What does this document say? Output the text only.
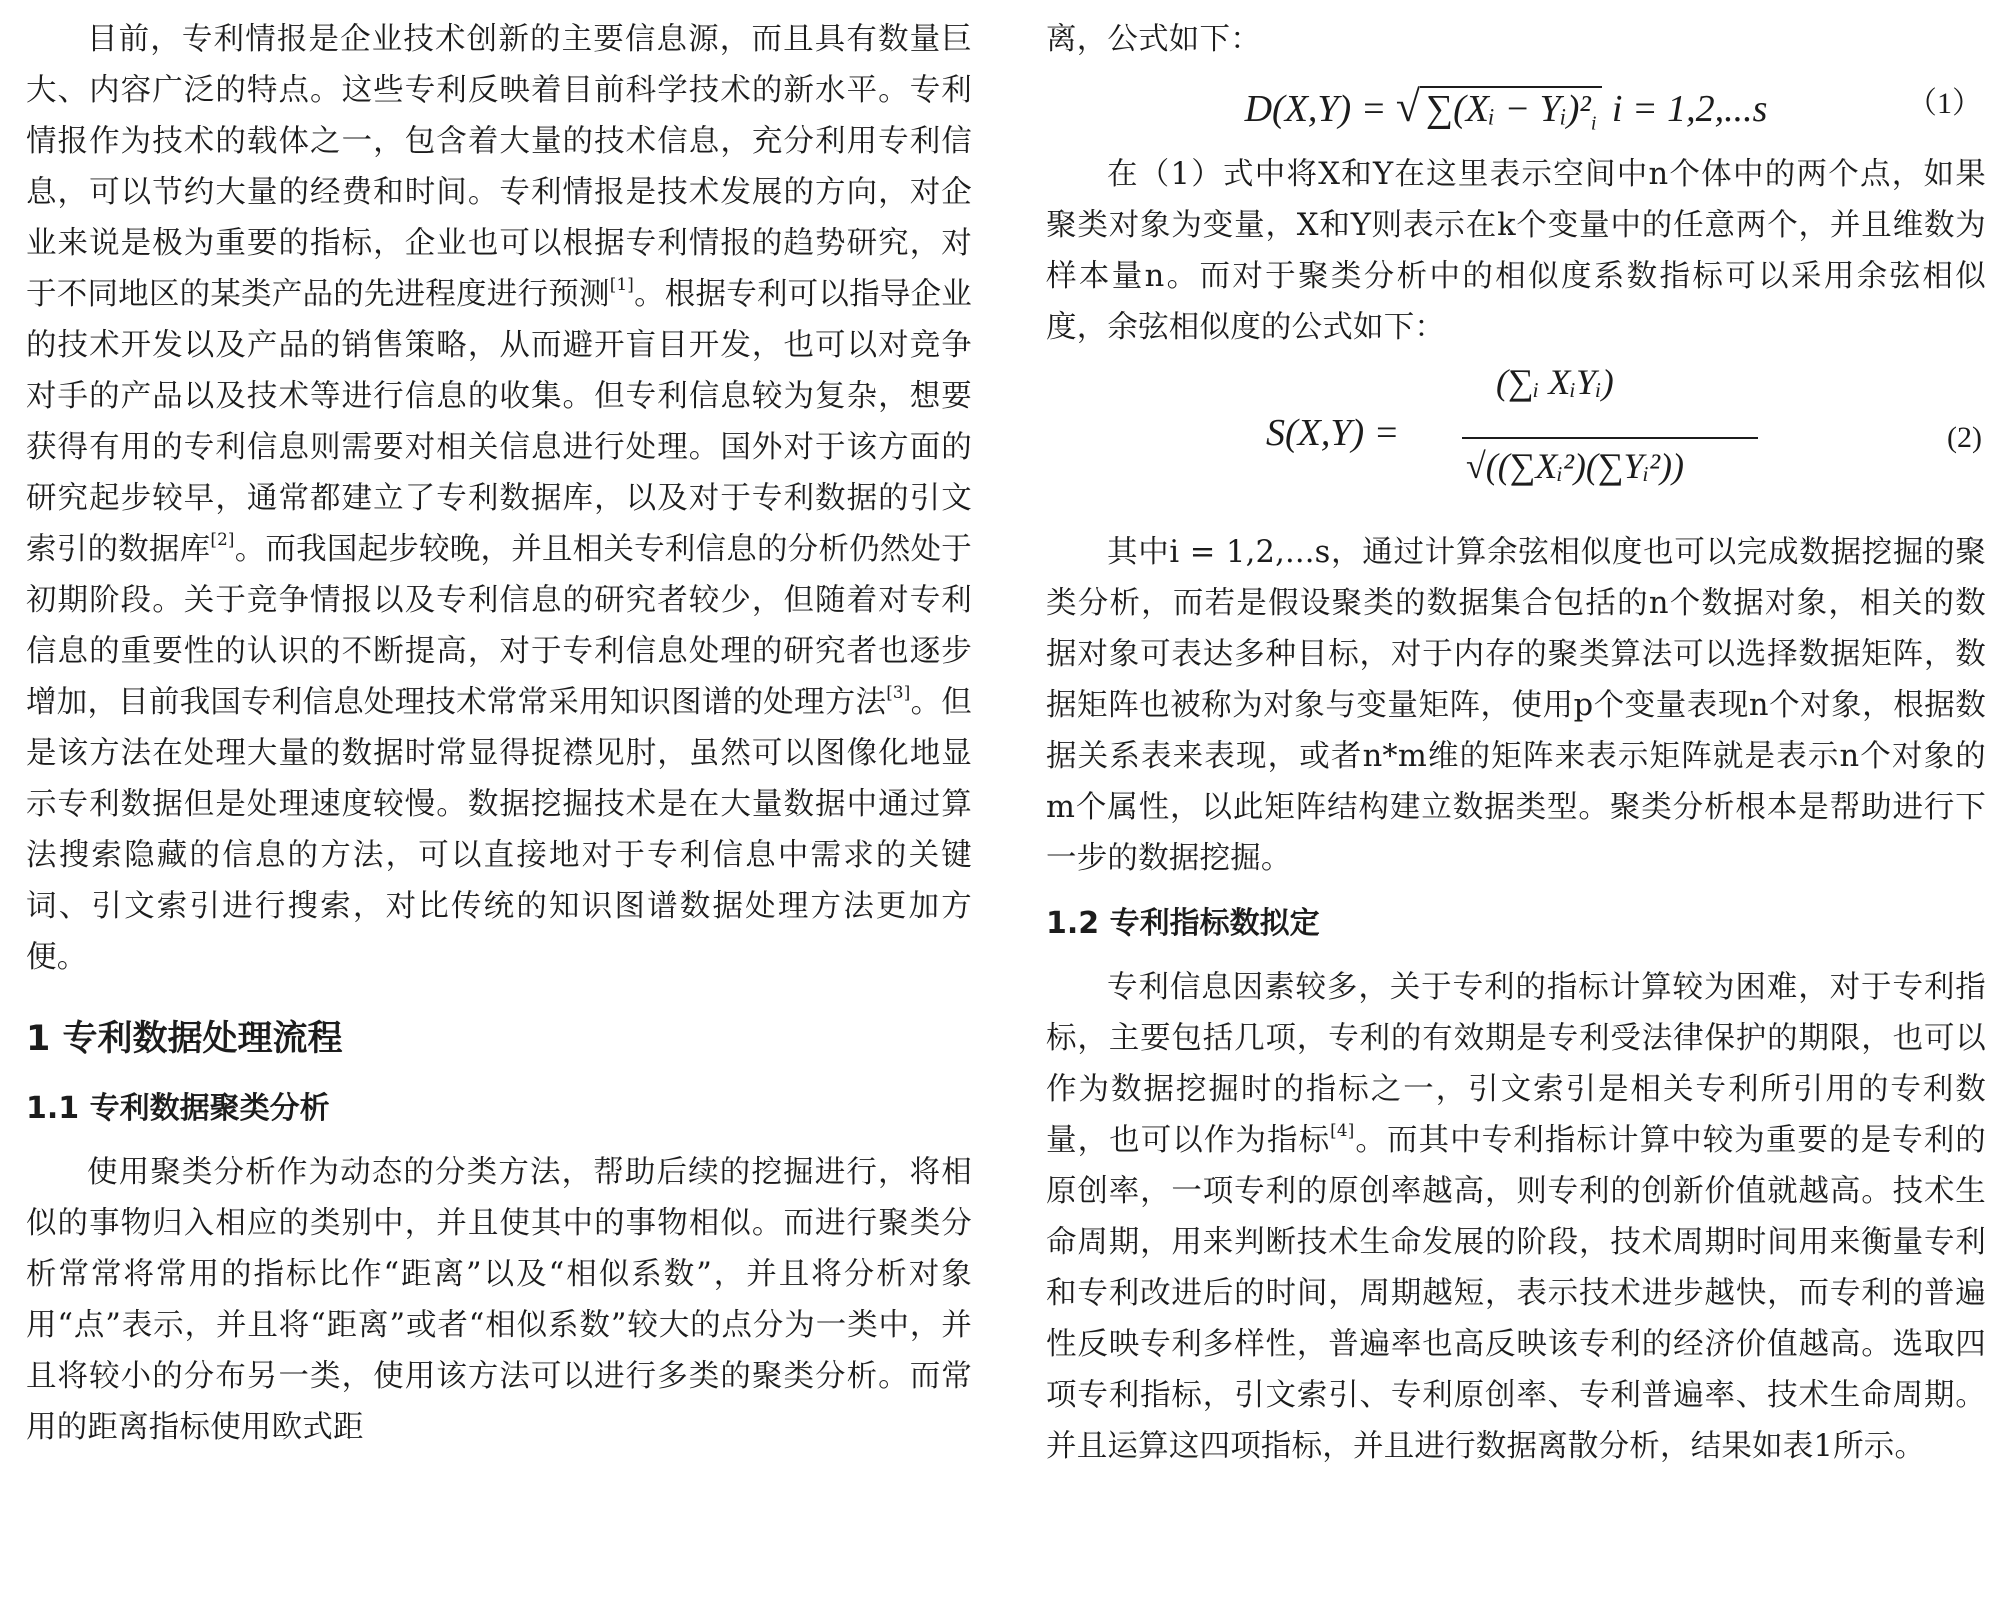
目前，专利情报是企业技术创新的主要信息源，而且具有数量巨大、内容广泛的特点。这些专利反映着目前科学技术的新水平。专利情报作为技术的载体之一，包含着大量的技术信息，充分利用专利信息，可以节约大量的经费和时间。专利情报是技术发展的方向，对企业来说是极为重要的指标，企业也可以根据专利情报的趋势研究，对于不同地区的某类产品的先进程度进行预测[1]。根据专利可以指导企业的技术开发以及产品的销售策略，从而避开盲目开发，也可以对竞争对手的产品以及技术等进行信息的收集。但专利信息较为复杂，想要获得有用的专利信息则需要对相关信息进行处理。国外对于该方面的研究起步较早，通常都建立了专利数据库，以及对于专利数据的引文索引的数据库[2]。而我国起步较晚，并且相关专利信息的分析仍然处于初期阶段。关于竞争情报以及专利信息的研究者较少，但随着对专利信息的重要性的认识的不断提高，对于专利信息处理的研究者也逐步增加，目前我国专利信息处理技术常常采用知识图谱的处理方法[3]。但是该方法在处理大量的数据时常显得捉襟见肘，虽然可以图像化地显示专利数据但是处理速度较慢。数据挖掘技术是在大量数据中通过算法搜索隐藏的信息的方法，可以直接地对于专利信息中需求的关键词、引文索引进行搜索，对比传统的知识图谱数据处理方法更加方便。

1 专利数据处理流程
1.1 专利数据聚类分析

使用聚类分析作为动态的分类方法，帮助后续的挖掘进行，将相似的事物归入相应的类别中，并且使其中的事物相似。而进行聚类分析常常将常用的指标比作“距离”以及“相似系数”，并且将分析对象用“点”表示，并且将“距离”或者“相似系数”较大的点分为一类中，并且将较小的分布另一类，使用该方法可以进行多类的聚类分析。而常用的距离指标使用欧式距

离，公式如下：

D(X,Y) = √ ∑(Xᵢ − $Yᵢ)^2_i$ i = 1,2,...s	（1）

在（1）式中将X和Y在这里表示空间中n个体中的两个点，如果聚类对象为变量，X和Y则表示在k个变量中的任意两个，并且维数为样本量n。而对于聚类分析中的相似度系数指标可以采用余弦相似度，余弦相似度的公式如下：

S(X,Y) =
(∑ᵢ XᵢYᵢ)
√((∑Xᵢ²)(∑Yᵢ²))
(2)

其中i = 1,2,...s，通过计算余弦相似度也可以完成数据挖掘的聚类分析，而若是假设聚类的数据集合包括的n个数据对象，相关的数据对象可表达多种目标，对于内存的聚类算法可以选择数据矩阵，数据矩阵也被称为对象与变量矩阵，使用p个变量表现n个对象，根据数据关系表来表现，或者n*m维的矩阵来表示矩阵就是表示n个对象的m个属性，以此矩阵结构建立数据类型。聚类分析根本是帮助进行下一步的数据挖掘。

1.2 专利指标数拟定

专利信息因素较多，关于专利的指标计算较为困难，对于专利指标，主要包括几项，专利的有效期是专利受法律保护的期限，也可以作为数据挖掘时的指标之一，引文索引是相关专利所引用的专利数量，也可以作为指标[4]。而其中专利指标计算中较为重要的是专利的原创率，一项专利的原创率越高，则专利的创新价值就越高。技术生命周期，用来判断技术生命发展的阶段，技术周期时间用来衡量专利和专利改进后的时间，周期越短，表示技术进步越快，而专利的普遍性反映专利多样性，普遍率也高反映该专利的经济价值越高。选取四项专利指标，引文索引、专利原创率、专利普遍率、技术生命周期。并且运算这四项指标，并且进行数据离散分析，结果如表1所示。
